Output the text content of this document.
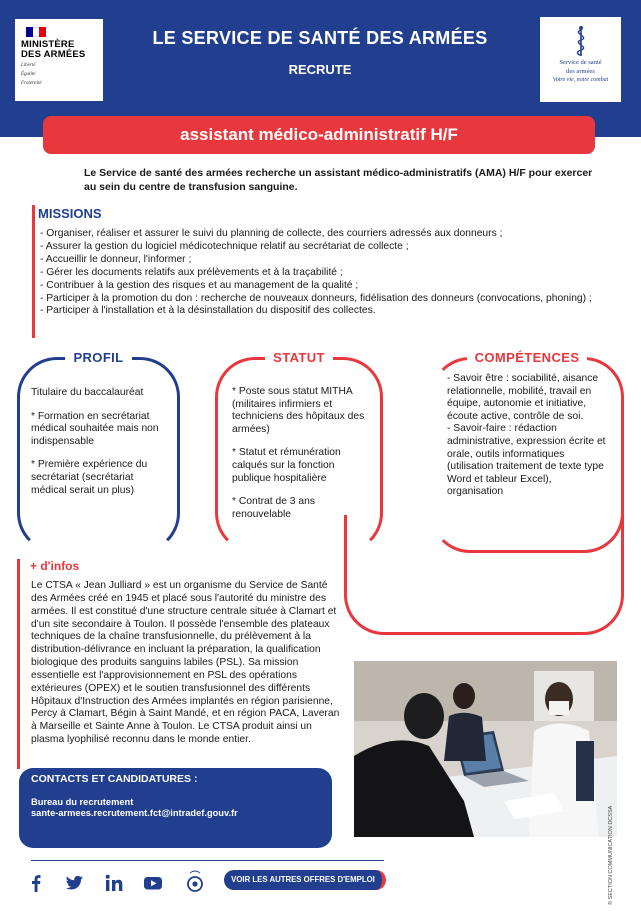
MINISTÈRE
DES ARMÉES
Liberté
Égalité
Fraternité
LE SERVICE DE SANTÉ DES ARMÉES
RECRUTE	Service de santé
des armées
Votre vie, notre combat
assistant médico-administratif H/F
Le Service de santé des armées recherche un assistant médico-administratifs (AMA) H/F pour exercer au sein du centre de transfusion sanguine.
MISSIONS
- Organiser, réaliser et assurer le suivi du planning de collecte, des courriers adressés aux donneurs ;
- Assurer la gestion du logiciel médicotechnique relatif au secrétariat de collecte ;
- Accueillir le donneur, l'informer ;
- Gérer les documents relatifs aux prélèvements et à la traçabilité ;
- Contribuer à la gestion des risques et au management de la qualité ;
- Participer à la promotion du don : recherche de nouveaux donneurs, fidélisation des donneurs (convocations, phoning) ;
- Participer à l'installation et à la désinstallation du dispositif des collectes.
PROFIL

Titulaire du baccalauréat

* Formation en secrétariat médical souhaitée mais non indispensable

* Première expérience du secrétariat (secrétariat médical serait un plus)

STATUT

* Poste sous statut MITHA (militaires infirmiers et techniciens des hôpitaux des armées)

* Statut et rémunération calqués sur la fonction publique hospitalière

* Contrat de 3 ans renouvelable

COMPÉTENCES

- Savoir être : sociabilité, aisance relationnelle, mobilité, travail en équipe, autonomie et initiative, écoute active, contrôle de soi.

- Savoir-faire : rédaction administrative, expression écrite et orale, outils informatiques (utilisation traitement de texte type Word et tableur Excel), organisation

+ d'infos
Le CTSA « Jean Julliard » est un organisme du Service de Santé des Armées créé en 1945 et placé sous l'autorité du ministre des armées. Il est constitué d'une structure centrale située à Clamart et d'un site secondaire à Toulon. Il possède l'ensemble des plateaux techniques de la chaîne transfusionnelle, du prélèvement à la distribution-délivrance en incluant la préparation, la qualification biologique des produits sanguins labiles (PSL). Sa mission essentielle est l'approvisionnement en PSL des opérations extérieures (OPEX) et le soutien transfusionnel des différents Hôpitaux d'Instruction des Armées implantés en région parisienne, Percy à Clamart, Bégin à Saint Mandé, et en région PACA, Laveran à Marseille et Sainte Anne à Toulon. Le CTSA produit ainsi un plasma lyophilisé reconnu dans le monde entier.
CONTACTS ET CANDIDATURES :
Bureau du recrutement
sante-armees.recrutement.fct@intradef.gouv.fr
VOIR LES AUTRES OFFRES D'EMPLOI	© SECTION COMMUNICATION DCSSA
